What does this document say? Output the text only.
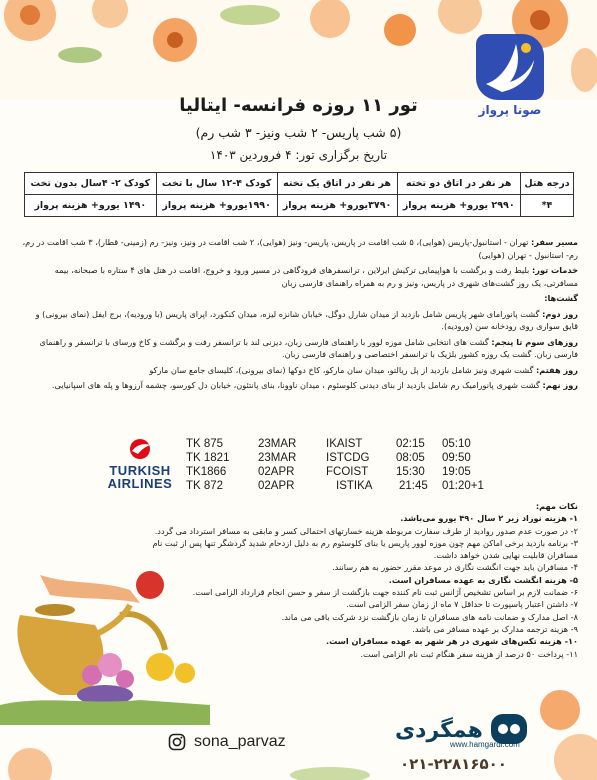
صونا پرواز
تور ۱۱ روزه فرانسه- ایتالیا
(۵ شب پاریس- ۲ شب ونیز- ۳ شب رم)
تاریخ برگزاری تور: ۴ فروردین ۱۴۰۳
درجه هتل	هر نفر در اتاق دو تخته	هر نفر در اتاق یک تخته	کودک ۴-۱۲ سال با تخت	کودک ۲- ۴سال بدون تخت
۴*	۲۹۹۰ یورو+ هزینه پرواز	۳۷۹۰یورو+ هزینه پرواز	۱۹۹۰یورو+ هزینه پرواز	۱۴۹۰ یورو+ هزینه پرواز

مسیر سفر: تهران - استانبول-پاریس (هوایی)، ۵ شب اقامت در پاریس، پاریس- ونیز (هوایی)، ۲ شب اقامت در ونیز، ونیز- رم (زمینی- قطار)، ۳ شب اقامت در رم، رم- استانبول - تهران (هوایی)

خدمات تور: بلیط رفت و برگشت با هواپیمایی ترکیش ایرلاین ، ترانسفرهای فرودگاهی در مسیر ورود و خروج، اقامت در هتل های ۴ ستاره با صبحانه، بیمه مسافرتی، یک روز گشت‌های شهری در پاریس، ونیز و رم به همراه راهنمای فارسی زبان

گشت‌ها:

روز دوم: گشت پانورامای شهر پاریس شامل بازدید از میدان شارل دوگل، خیابان شانزه لیزه، میدان کنکورد، اپرای پاریس (با ورودیه)، برج ایفل (نمای بیرونی) و قایق سواری روی رودخانه سن (ورودیه).

روزهای سوم تا پنجم: گشت های انتخابی شامل موزه لوور با راهنمای فارسی زبان، دیزنی لند با ترانسفر رفت و برگشت و کاخ ورسای با ترانسفر و راهنمای فارسی زبان. گشت یک روزه کشور بلژیک با ترانسفر اختصاصی و راهنمای فارسی زبان.

روز هفتم: گشت شهری ونیز شامل بازدید از پل ریالتو، میدان سان مارکو، کاخ دوکها (نمای بیرونی)، کلیسای جامع سان مارکو

روز نهم: گشت شهری پانوراميک رم شامل بازدید از بنای دیدنی کلوسئوم ، میدان ناوونا، بنای پانتئون، خیابان دل کورسو، چشمه آرزوها و پله های اسپانیایی.

TURKISH
AIRLINES
TK 875	23MAR	IKAIST	02:15 05:10
TK 1821 23MAR	ISTCDG 08:05 09:50
TK1866	02APR	FCOIST 15:30 19:05
TK 872	02APR	ISTIKA 21:45 01:20+1
نکات مهم:
۱- هزینه نوزاد زیر ۲ سال ۴۹۰ یورو می‌باشد.
۲- در صورت عدم صدور روادید از طرف سفارت مربوطه هزینه خسارتهای احتمالی کسر و مابقی به مسافر استرداد می گردد.
۳- برنامه بازدید برخی اماکن مهم چون موزه لوور پاریس یا بنای کلوسئوم رم به دلیل ازدحام شدید گردشگر تنها پس از ثبت نام مسافران قابلیت نهایی شدن خواهد داشت.
۴- مسافران باید جهت انگشت نگاری در موعد مقرر حضور به هم رسانند.
۵- هزینه انگشت نگاری به عهده مسافران است.
۶- ضمانت لازم بر اساس تشخیص آژانس ثبت نام کننده جهت بازگشت از سفر و حسن انجام قرارداد الزامی است.
۷- داشتن اعتبار پاسپورت تا حداقل ۷ ماه از زمان سفر الزامی است.
۸- اصل مدارک و ضمانت نامه های مسافران تا زمان بازگشت نزد شرکت باقی می ماند.
۹- هزینه ترجمه مدارک بر عهده مسافر می باشد.
۱۰- هزینه تکس‌های شهری در هر شهر به عهده مسافران است.
۱۱- پرداخت ۵۰ درصد از هزینه سفر هنگام ثبت نام الزامی است.
sona_parvaz	همگردی
www.hamgardi.com
۰۲۱-۲۲۸۱۶۵۰۰
